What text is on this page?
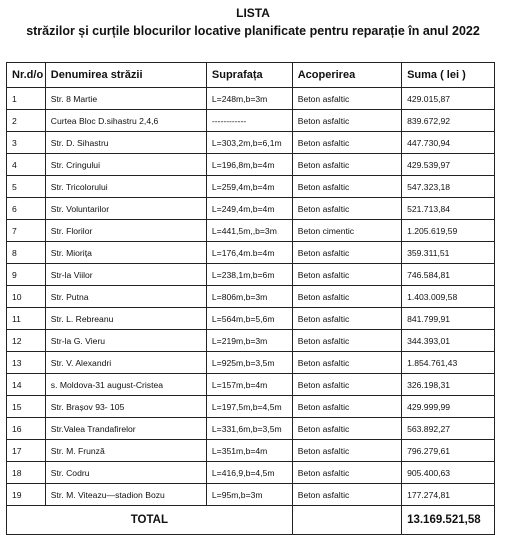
LISTA
străzilor și curțile blocurilor locative planificate pentru reparație în anul 2022
Nr.d/o	Denumirea străzii	Suprafața	Acoperirea	Suma ( lei )
1	Str. 8 Martie	L=248m,b=3m	Beton asfaltic	429.015,87
2	Curtea Bloc D.sihastru 2,4,6	------------	Beton asfaltic	839.672,92
3	Str. D. Sihastru	L=303,2m,b=6,1m	Beton asfaltic	447.730,94
4	Str. Cringului	L=196,8m,b=4m	Beton asfaltic	429.539,97
5	Str. Tricolorului	L=259,4m,b=4m	Beton asfaltic	547.323,18
6	Str. Voluntarilor	L=249,4m,b=4m	Beton asfaltic	521.713,84
7	Str. Florilor	L=441,5m,,b=3m	Beton cimentic	1.205.619,59
8	Str. Miorița	L=176,4m.b=4m	Beton asfaltic	359.311,51
9	Str-la Viilor	L=238,1m,b=6m	Beton asfaltic	746.584,81
10	Str. Putna	L=806m,b=3m	Beton asfaltic	1.403.009,58
11	Str. L. Rebreanu	L=564m,b=5,6m	Beton asfaltic	841.799,91
12	Str-la G. Vieru	L=219m,b=3m	Beton asfaltic	344.393,01
13	Str. V. Alexandri	L=925m,b=3,5m	Beton asfaltic	1.854.761,43
14	s. Moldova-31 august-Cristea	L=157m,b=4m	Beton asfaltic	326.198,31
15	Str. Brașov 93- 105	L=197,5m,b=4,5m	Beton asfaltic	429.999,99
16	Str.Valea Trandafirelor	L=331,6m,b=3,5m	Beton asfaltic	563.892,27
17	Str. M. Frunză	L=351m,b=4m	Beton asfaltic	796.279,61
18	Str. Codru	L=416,9,b=4,5m	Beton asfaltic	905.400,63
19	Str. M. Viteazu—stadion Bozu	L=95m,b=3m	Beton asfaltic	177.274,81
TOTAL				13.169.521,58
